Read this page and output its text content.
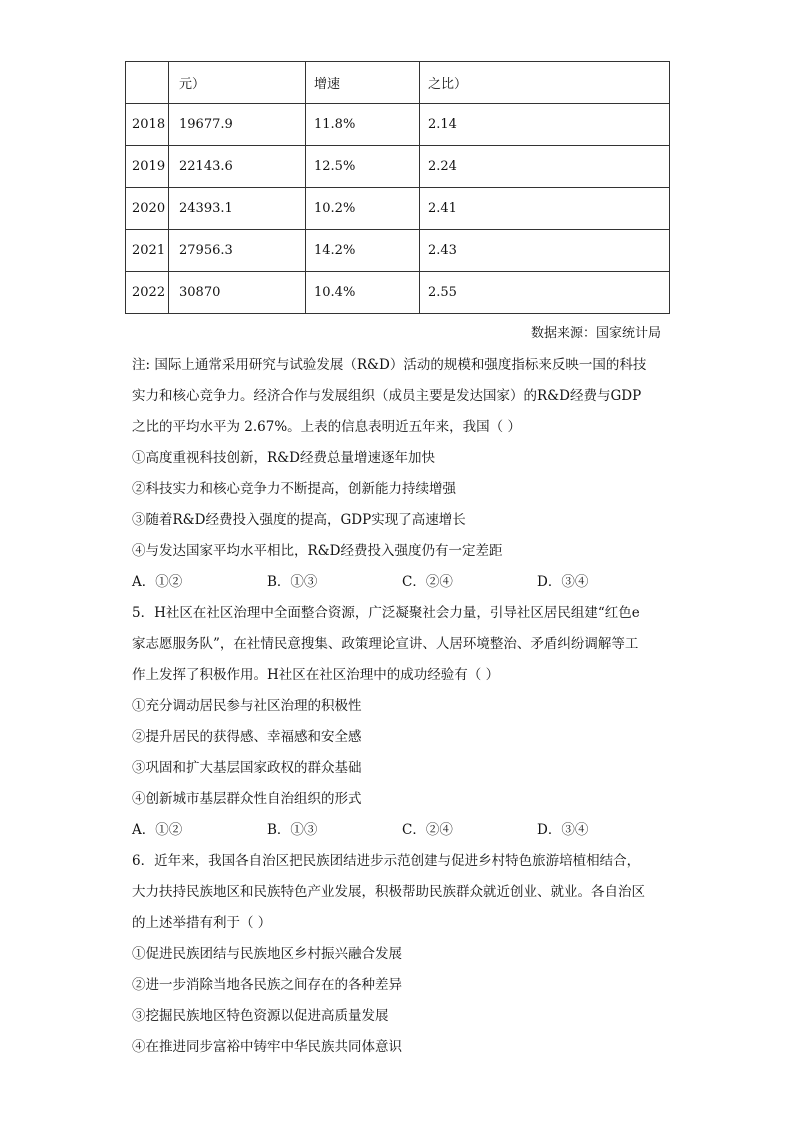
	元）	增速	之比）
2018	19677.9	11.8%	2.14
2019	22143.6	12.5%	2.24
2020	24393.1	10.2%	2.41
2021	27956.3	14.2%	2.43
2022	30870	10.4%	2.55
数据来源：国家统计局

注: 国际上通常采用研究与试验发展（R&D）活动的规模和强度指标来反映一国的科技

实力和核心竞争力。经济合作与发展组织（成员主要是发达国家）的R&D经费与GDP

之比的平均水平为 2.67%。上表的信息表明近五年来，我国（ ）

①高度重视科技创新，R&D经费总量增速逐年加快

②科技实力和核心竞争力不断提高，创新能力持续增强

③随着R&D经费投入强度的提高，GDP实现了高速增长

④与发达国家平均水平相比，R&D经费投入强度仍有一定差距

A．①②	B．①③	C．②④	D．③④

5．H社区在社区治理中全面整合资源，广泛凝聚社会力量，引导社区居民组建“红色e

家志愿服务队”，在社情民意搜集、政策理论宣讲、人居环境整治、矛盾纠纷调解等工

作上发挥了积极作用。H社区在社区治理中的成功经验有（ ）

①充分调动居民参与社区治理的积极性

②提升居民的获得感、幸福感和安全感

③巩固和扩大基层国家政权的群众基础

④创新城市基层群众性自治组织的形式

A．①②	B．①③	C．②④	D．③④

6．近年来，我国各自治区把民族团结进步示范创建与促进乡村特色旅游培植相结合，

大力扶持民族地区和民族特色产业发展，积极帮助民族群众就近创业、就业。各自治区

的上述举措有利于（ ）

①促进民族团结与民族地区乡村振兴融合发展

②进一步消除当地各民族之间存在的各种差异

③挖掘民族地区特色资源以促进高质量发展

④在推进同步富裕中铸牢中华民族共同体意识
